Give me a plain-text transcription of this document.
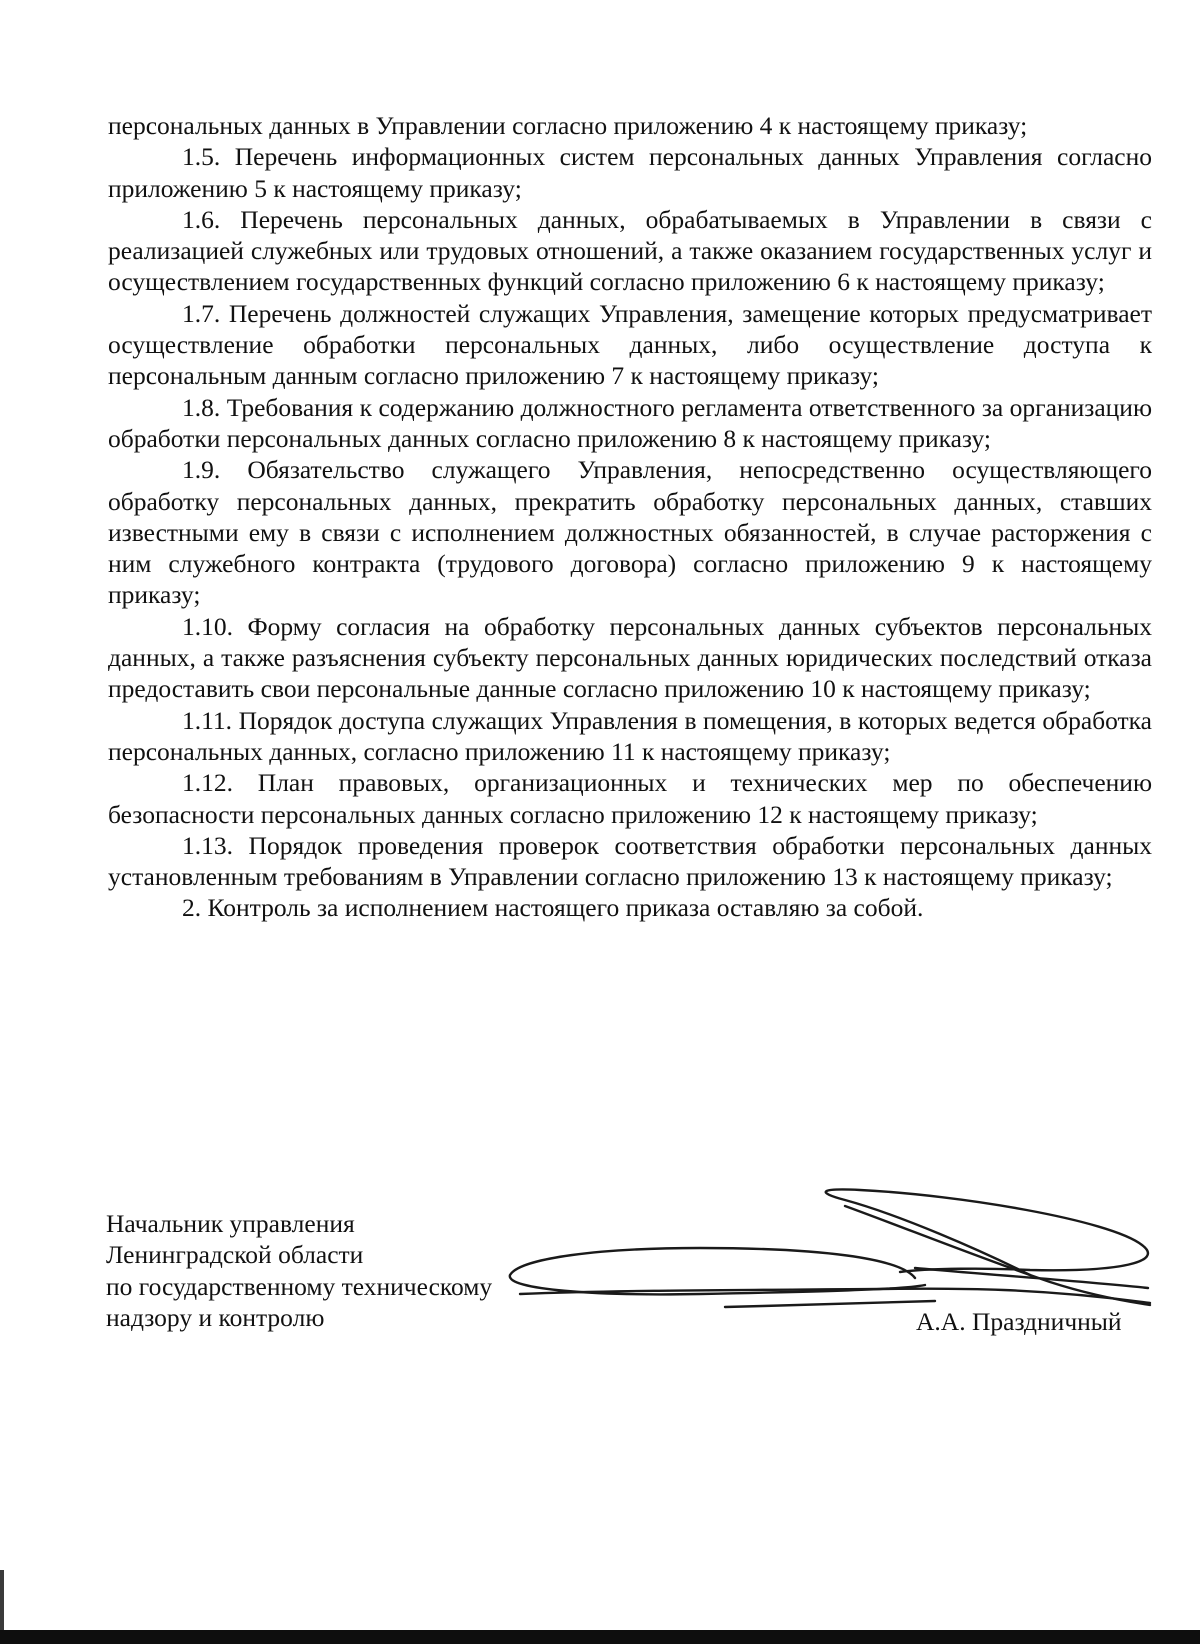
персональных данных в Управлении согласно приложению 4 к настоящему приказу;

1.5. Перечень информационных систем персональных данных Управления согласно приложению 5 к настоящему приказу;

1.6. Перечень персональных данных, обрабатываемых в Управлении в связи с реализацией служебных или трудовых отношений, а также оказанием государственных услуг и осуществлением государственных функций согласно приложению 6 к настоящему приказу;

1.7. Перечень должностей служащих Управления, замещение которых предусматривает осуществление обработки персональных данных, либо осуществление доступа к персональным данным согласно приложению 7 к настоящему приказу;

1.8. Требования к содержанию должностного регламента ответственного за организацию обработки персональных данных согласно приложению 8 к настоящему приказу;

1.9. Обязательство служащего Управления, непосредственно осуществляющего обработку персональных данных, прекратить обработку персональных данных, ставших известными ему в связи с исполнением должностных обязанностей, в случае расторжения с ним служебного контракта (трудового договора) согласно приложению 9 к настоящему приказу;

1.10. Форму согласия на обработку персональных данных субъектов персональных данных, а также разъяснения субъекту персональных данных юридических последствий отказа предоставить свои персональные данные согласно приложению 10 к настоящему приказу;

1.11. Порядок доступа служащих Управления в помещения, в которых ведется обработка персональных данных, согласно приложению 11 к настоящему приказу;

1.12. План правовых, организационных и технических мер по обеспечению безопасности персональных данных согласно приложению 12 к настоящему приказу;

1.13. Порядок проведения проверок соответствия обработки персональных данных установленным требованиям в Управлении согласно приложению 13 к настоящему приказу;

2. Контроль за исполнением настоящего приказа оставляю за собой.

Начальник управления
Ленинградской области
по государственному техническому
надзору и контролю	А.А. Праздничный
